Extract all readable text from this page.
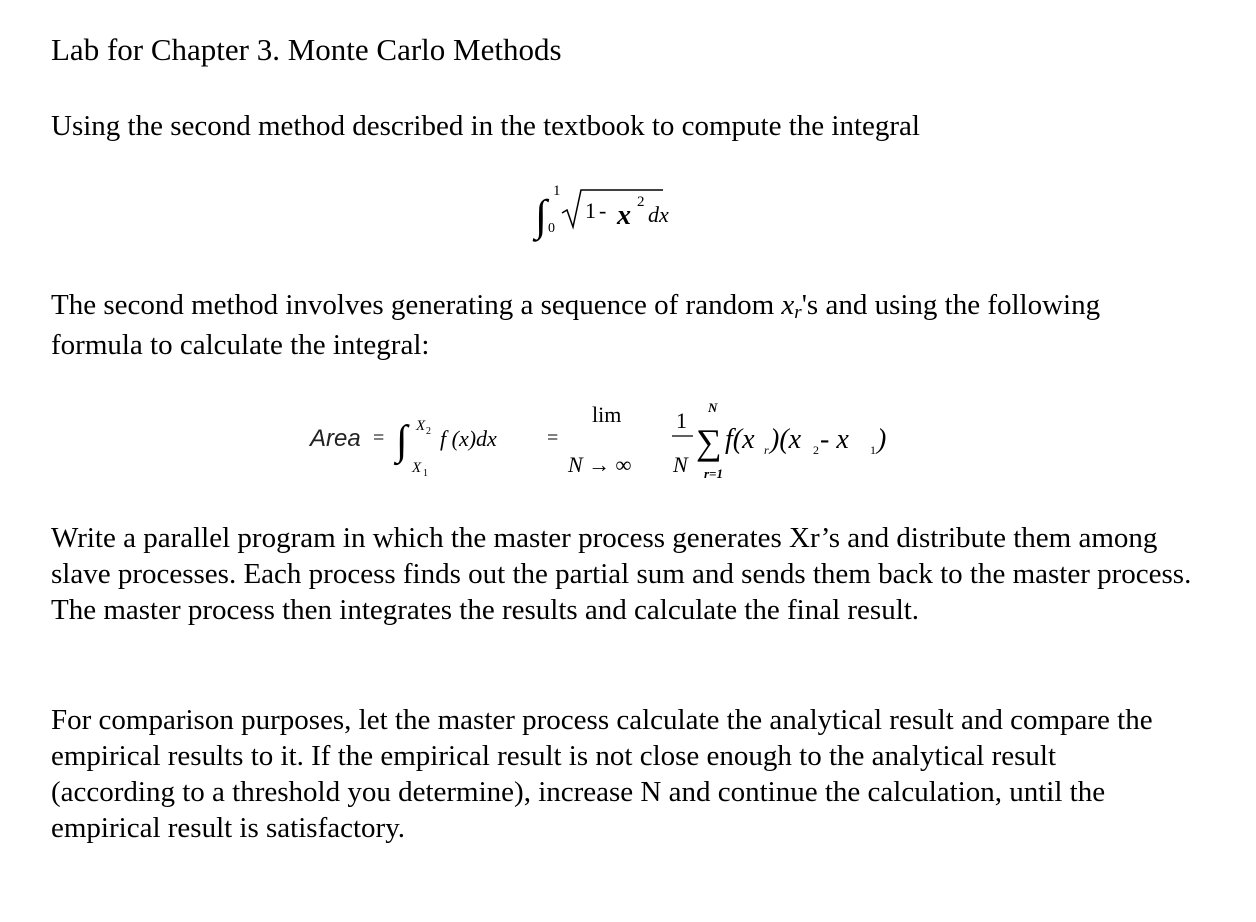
Lab for Chapter 3. Monte Carlo Methods
Using the second method described in the textbook to compute the integral
∫ 1
0
1 - x 2 dx
The second method involves generating a sequence of random xr's and using the following formula to calculate the integral:
Area = ∫ X 2
X 1
f (x)dx	=
lim
N → ∞
1
N
N
∑
r=1
f(x r )(x 2 - x 1 )
Write a parallel program in which the master process generates Xr’s and distribute them among slave processes. Each process finds out the partial sum and sends them back to the master process. The master process then integrates the results and calculate the final result.
For comparison purposes, let the master process calculate the analytical result and compare the empirical results to it. If the empirical result is not close enough to the analytical result (according to a threshold you determine), increase N and continue the calculation, until the empirical result is satisfactory.
